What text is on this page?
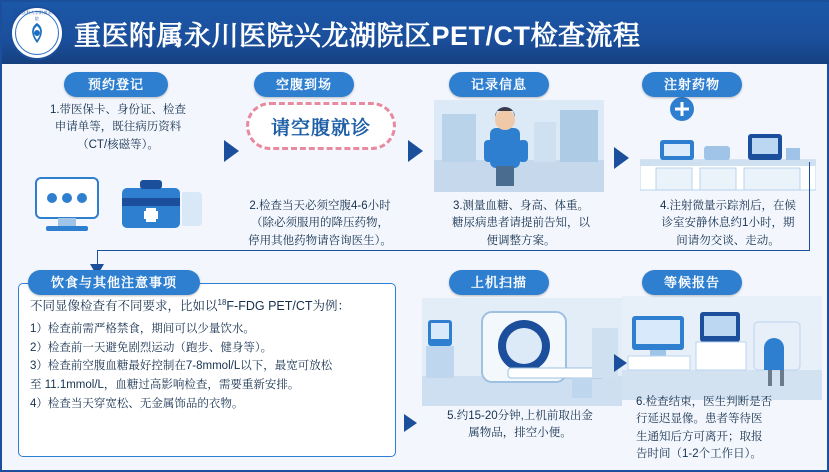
重庆医科大学附属永川医院
重医附属永川医院兴龙湖院区PET/CT检查流程
预约登记	空腹到场	记录信息	注射药物
1.带医保卡、身份证、检查
申请单等，既往病历资料
（CT/核磁等）。
请空腹就诊
2.检查当天必须空腹4-6小时
（除必须服用的降压药物，
停用其他药物请咨询医生）。
3.测量血糖、身高、体重。
糖尿病患者请提前告知，以
便调整方案。
4.注射微量示踪剂后，在候
诊室安静休息约1小时，期
间请勿交谈、走动。
饮食与其他注意事项	上机扫描	等候报告
不同显像检查有不同要求，比如以$^{18}$F-FDG PET/CT为例：
1）检查前需严格禁食，期间可以少量饮水。
2）检查前一天避免剧烈运动（跑步、健身等）。
3）检查前空腹血糖最好控制在7-8mmol/L以下，最宽可放松
至 11.1mmol/L，血糖过高影响检查，需要重新安排。
4）检查当天穿宽松、无金属饰品的衣物。
5.约15-20分钟,上机前取出金
属物品，排空小便。
6.检查结束，医生判断是否
行延迟显像。患者等待医
生通知后方可离开；取报
告时间（1-2个工作日）。
